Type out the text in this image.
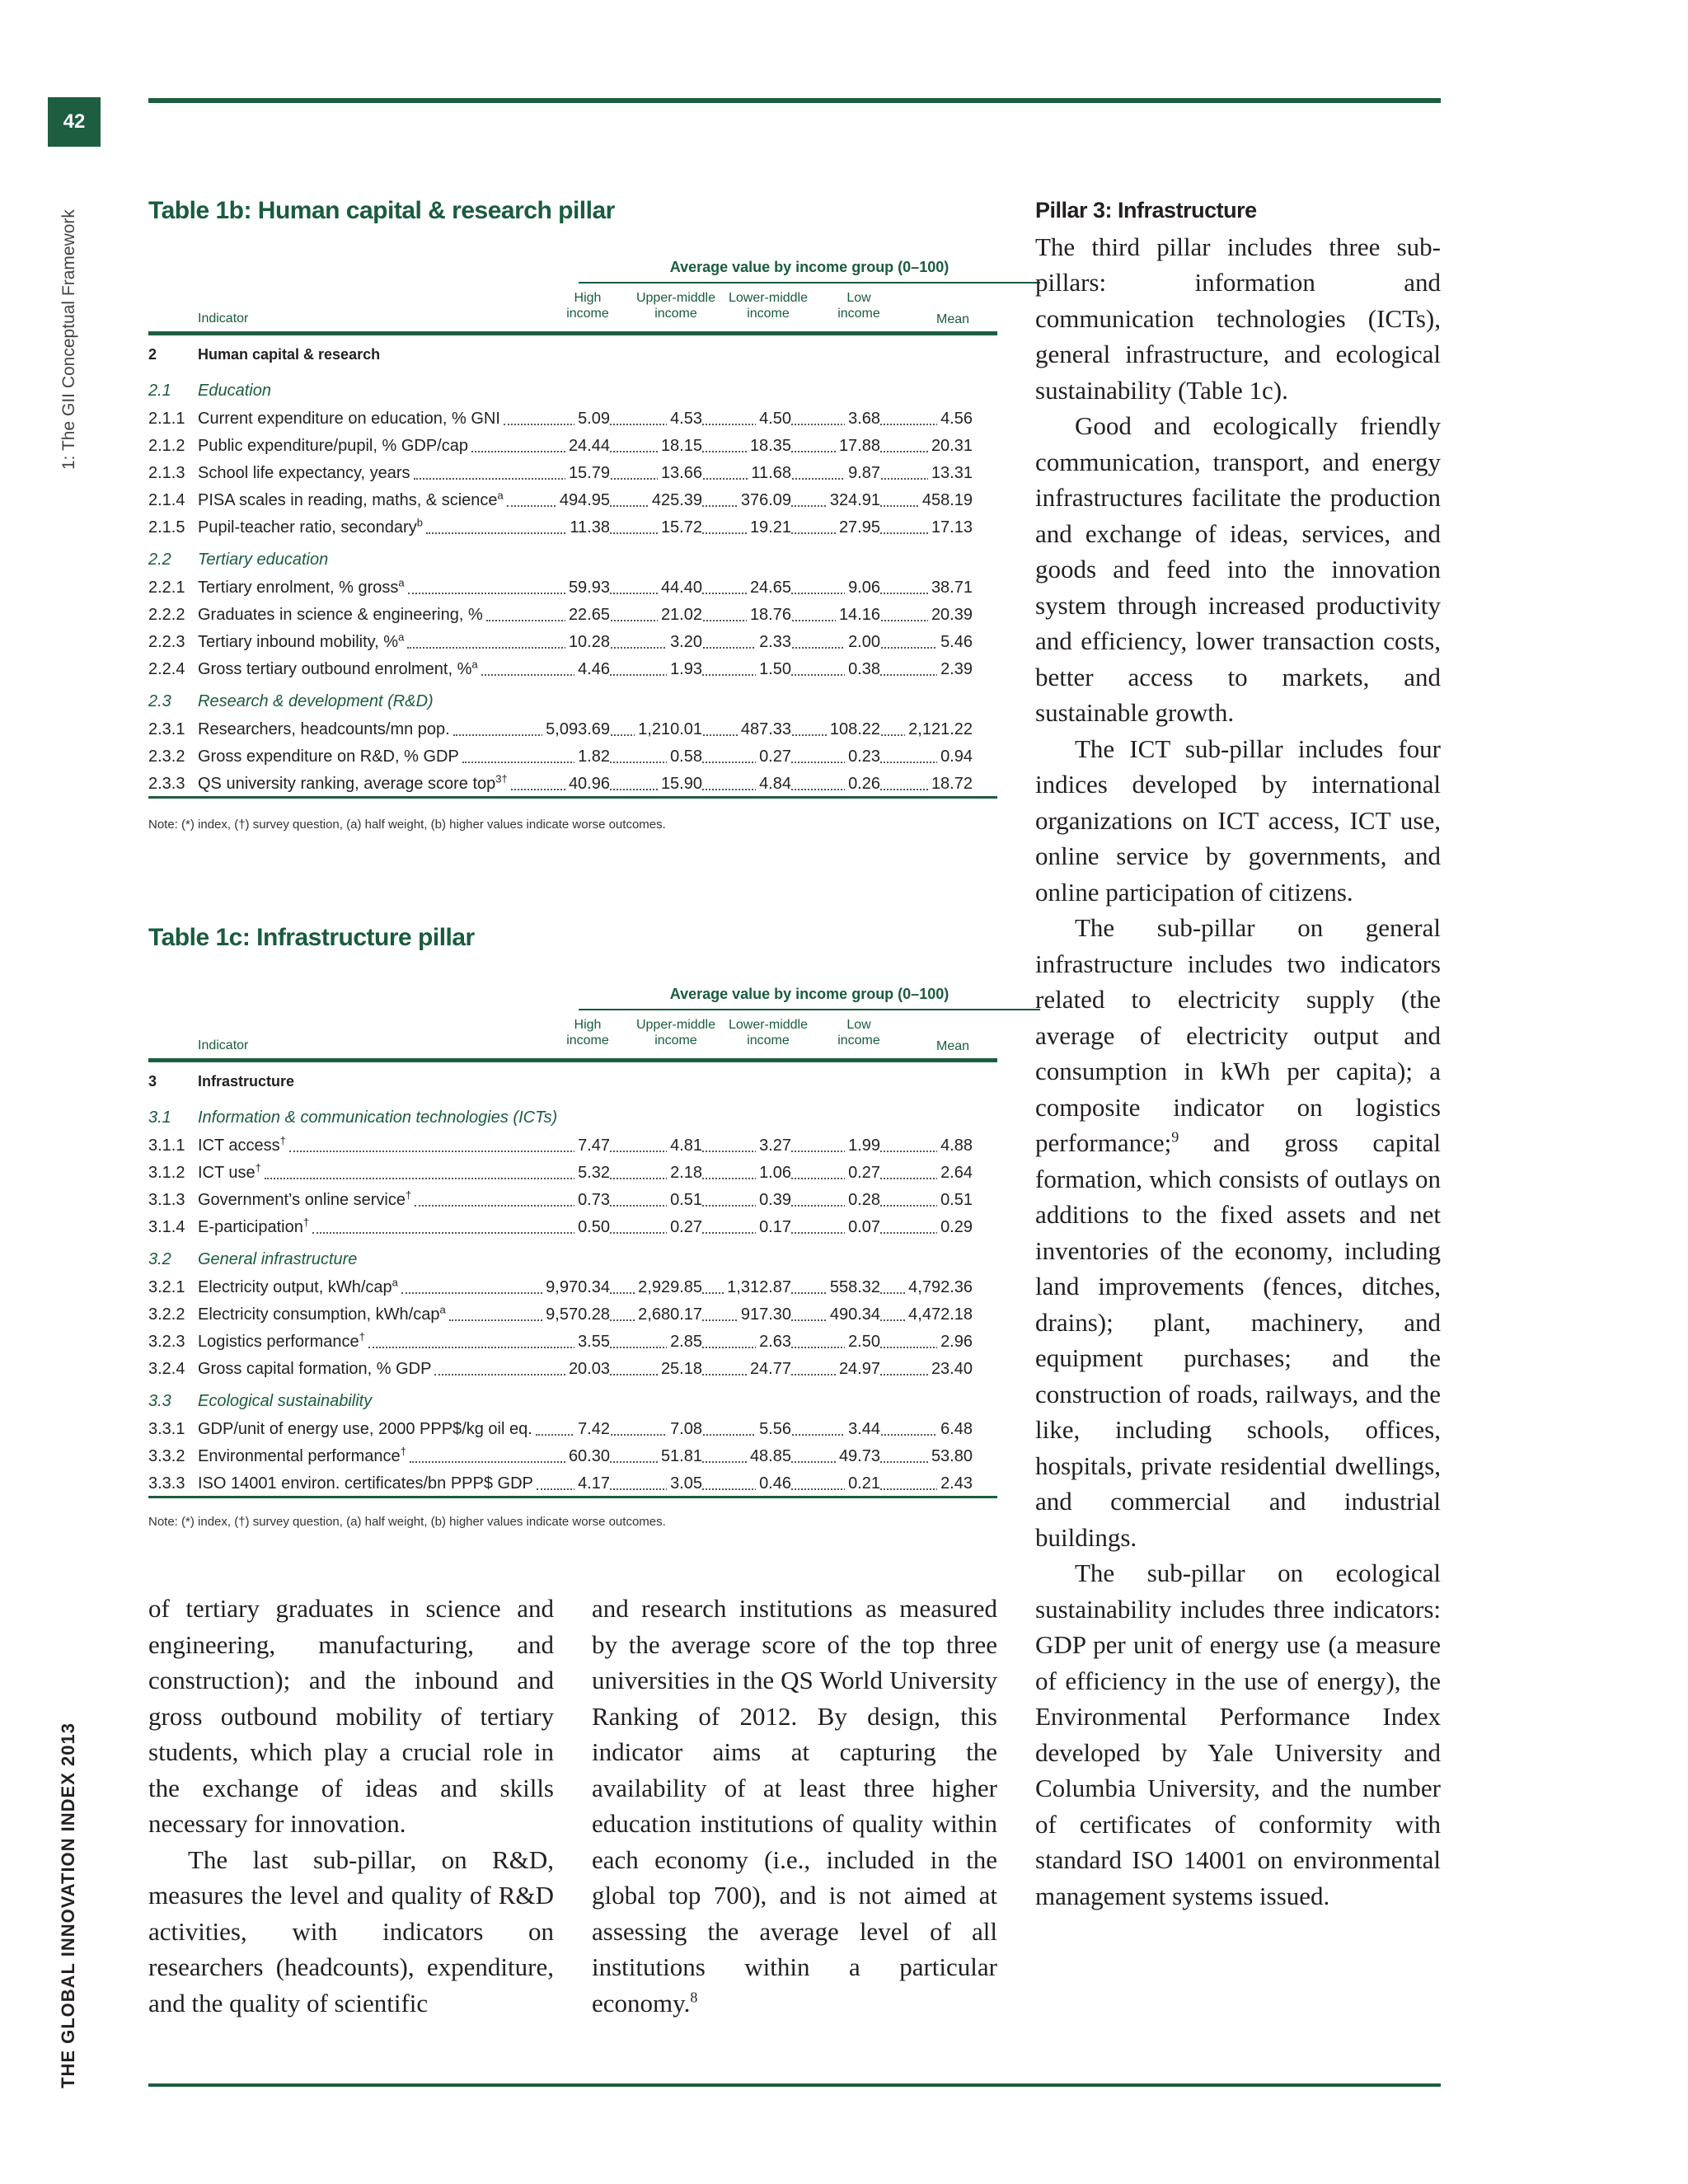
42
1: The GII Conceptual Framework
THE GLOBAL INNOVATION INDEX 2013
Table 1b: Human capital & research pillar
Average value by income group (0–100)
High
income
Upper-middle
income
Lower-middle
income
Low
income	Mean
Indicator
2	Human capital & research
2.1 Education
2.1.1 Current expenditure on education, % GNI	5.09	4.53	4.50	3.68	4.56
2.1.2 Public expenditure/pupil, % GDP/cap	24.44	18.15	18.35	17.88	20.31
2.1.3 School life expectancy, years	15.79	13.66	11.68	9.87	13.31
2.1.4 PISA scales in reading, maths, & science$^a$	494.95	425.39 376.09 324.91	458.19
2.1.5 Pupil-teacher ratio, secondary$^b$	11.38	15.72	19.21	27.95	17.13
2.2 Tertiary education
2.2.1 Tertiary enrolment, % gross$^a$	59.93	44.40	24.65	9.06	38.71
2.2.2 Graduates in science & engineering, %	22.65	21.02	18.76	14.16	20.39
2.2.3 Tertiary inbound mobility, %$^a$	10.28	3.20	2.33	2.00	5.46
2.2.4 Gross tertiary outbound enrolment, %$^a$	4.46	1.93	1.50	0.38	2.39
2.3 Research & development (R&D)
2.3.1 Researchers, headcounts/mn pop.	5,093.69 1,210.01 487.33 108.22 2,121.22
2.3.2 Gross expenditure on R&D, % GDP	1.82	0.58	0.27	0.23	0.94
2.3.3 QS university ranking, average score top$^{3\dagger}$	40.96	15.90	4.84	0.26	18.72
Note: (*) index, (†) survey question, (a) half weight, (b) higher values indicate worse outcomes.
Table 1c: Infrastructure pillar
Average value by income group (0–100)
High
income
Upper-middle
income
Lower-middle
income
Low
income	Mean
Indicator
3	Infrastructure
3.1 Information & communication technologies (ICTs)
3.1.1 ICT access†	7.47	4.81	3.27	1.99	4.88
3.1.2 ICT use†	5.32	2.18	1.06	0.27	2.64
3.1.3 Government’s online service†	0.73	0.51	0.39	0.28	0.51
3.1.4 E-participation†	0.50	0.27	0.17	0.07	0.29
3.2 General infrastructure
3.2.1 Electricity output, kWh/cap$^a$	9,970.34 2,929.85 1,312.87 558.32 4,792.36
3.2.2 Electricity consumption, kWh/cap$^a$	9,570.28 2,680.17 917.30 490.34 4,472.18
3.2.3 Logistics performance†	3.55	2.85	2.63	2.50	2.96
3.2.4 Gross capital formation, % GDP	20.03	25.18	24.77	24.97	23.40
3.3 Ecological sustainability
3.3.1 GDP/unit of energy use, 2000 PPP$/kg oil eq.	7.42	7.08	5.56	3.44	6.48
3.3.2 Environmental performance†	60.30	51.81	48.85	49.73	53.80
3.3.3 ISO 14001 environ. certificates/bn PPP$ GDP	4.17	3.05	0.46	0.21	2.43
Note: (*) index, (†) survey question, (a) half weight, (b) higher values indicate worse outcomes.

of tertiary graduates in science and engineering, manufacturing, and construction); and the inbound and gross outbound mobility of tertiary students, which play a crucial role in the exchange of ideas and skills necessary for innovation.

The last sub-pillar, on R&D, measures the level and quality of R&D activities, with indicators on researchers (headcounts), expenditure, and the quality of scientific

and research institutions as measured by the average score of the top three universities in the QS World University Ranking of 2012. By design, this indicator aims at capturing the availability of at least three higher education institutions of quality within each economy (i.e., included in the global top 700), and is not aimed at assessing the average level of all institutions within a particular economy.$^8$

Pillar 3: Infrastructure

The third pillar includes three sub-pillars: information and communication technologies (ICTs), general infrastructure, and ecological sustainability (Table 1c).

Good and ecologically friendly communication, transport, and energy infrastructures facilitate the production and exchange of ideas, services, and goods and feed into the innovation system through increased productivity and efficiency, lower transaction costs, better access to markets, and sustainable growth.

The ICT sub-pillar includes four indices developed by international organizations on ICT access, ICT use, online service by governments, and online participation of citizens.

The sub-pillar on general infrastructure includes two indicators related to electricity supply (the average of electricity output and consumption in kWh per capita); a composite indicator on logistics performance;$^9$ and gross capital formation, which consists of outlays on additions to the fixed assets and net inventories of the economy, including land improvements (fences, ditches, drains); plant, machinery, and equipment purchases; and the construction of roads, railways, and the like, including schools, offices, hospitals, private residential dwellings, and commercial and industrial buildings.

The sub-pillar on ecological sustainability includes three indicators: GDP per unit of energy use (a measure of efficiency in the use of energy), the Environmental Performance Index developed by Yale University and Columbia University, and the number of certificates of conformity with standard ISO 14001 on environmental management systems issued.
